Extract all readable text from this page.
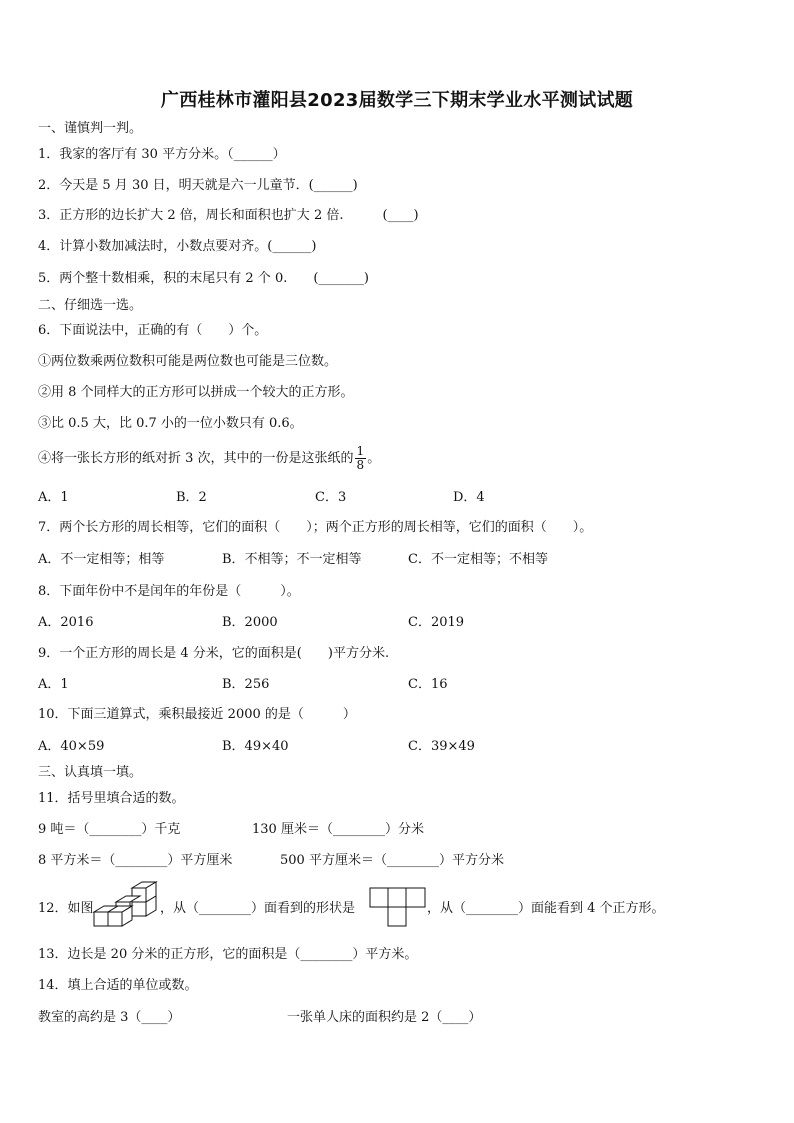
广西桂林市灌阳县2023届数学三下期末学业水平测试试题
一、谨慎判一判。
1．我家的客厅有 30 平方分米。（______）
2．今天是 5 月 30 日，明天就是六一儿童节．(______)
3．正方形的边长扩大 2 倍，周长和面积也扩大 2 倍.　　　(____)
4．计算小数加减法时，小数点要对齐。(______)
5．两个整十数相乘，积的末尾只有 2 个 0.　　(_______)
二、仔细选一选。
6．下面说法中，正确的有（　　）个。
①两位数乘两位数积可能是两位数也可能是三位数。
②用 8 个同样大的正方形可以拼成一个较大的正方形。
③比 0.5 大，比 0.7 小的一位小数只有 0.6。
④将一张长方形的纸对折 3 次，其中的一份是这张纸的 $\frac{1}{8}$ 。
A．1	B．2	C．3	D．4
7．两个长方形的周长相等，它们的面积（　　）；两个正方形的周长相等，它们的面积（　　）。
A．不一定相等；相等	B．不相等；不一定相等	C．不一定相等；不相等
8．下面年份中不是闰年的年份是（　　　）。
A．2016	B．2000	C．2019
9．一个正方形的周长是 4 分米，它的面积是(　　)平方分米.
A．1	B．256	C．16
10．下面三道算式，乘积最接近 2000 的是（　　　）
A．40×59	B．49×40	C．39×49
三、认真填一填。
11．括号里填合适的数。
9 吨＝（________）千克	130 厘米＝（________）分米
8 平方米＝（________）平方厘米	500 平方厘米＝（________）平方分米
12．如图	，从（________）面看到的形状是	，从（________）面能看到 4 个正方形。
13．边长是 20 分米的正方形，它的面积是（________）平方米。
14．填上合适的单位或数。
教室的高约是 3（____）	一张单人床的面积约是 2（____）
